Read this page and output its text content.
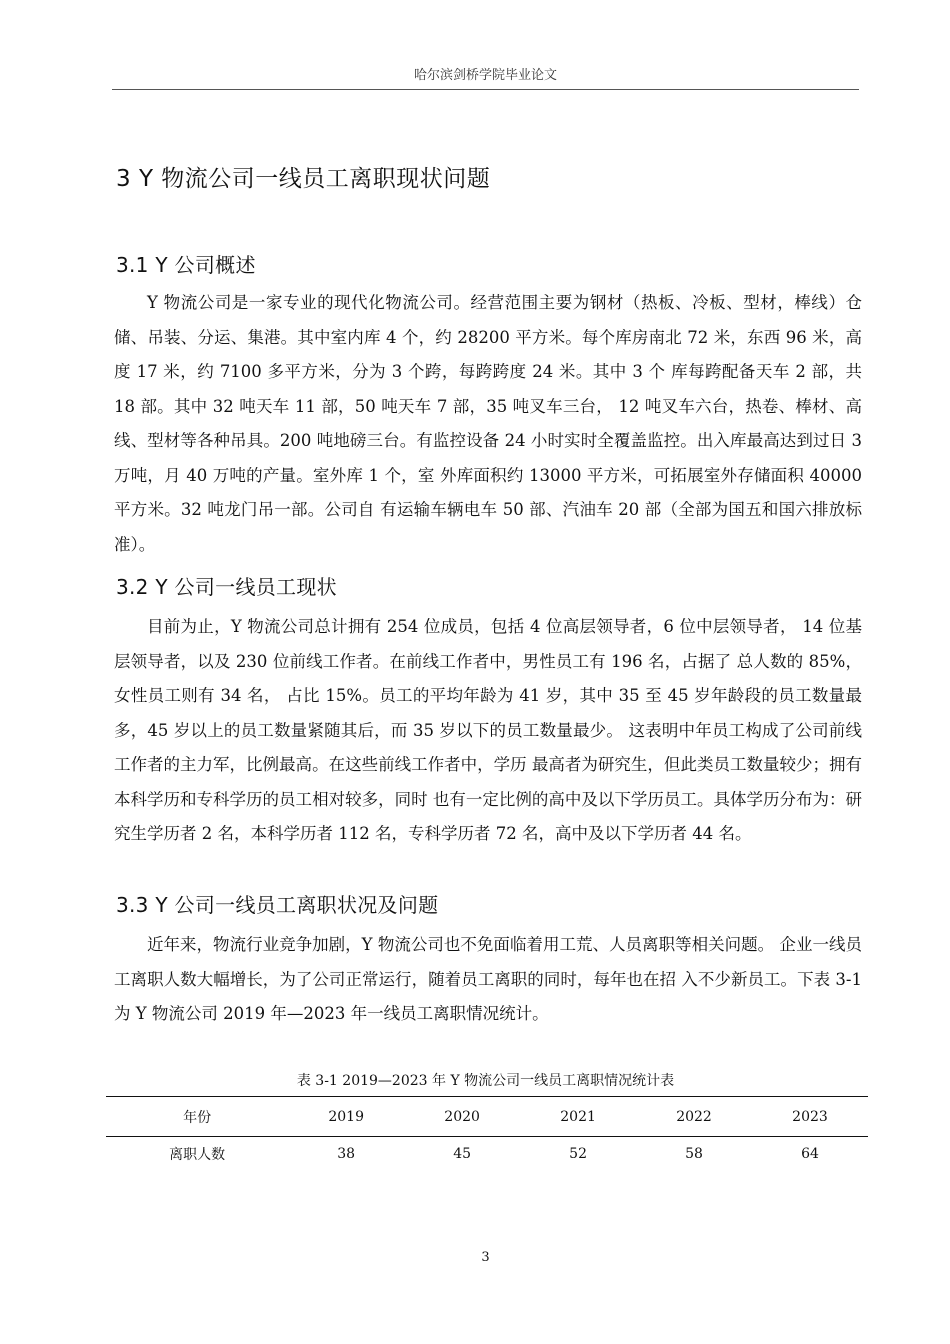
哈尔滨剑桥学院毕业论文
3 Y 物流公司一线员工离职现状问题
3.1 Y 公司概述

Y 物流公司是一家专业的现代化物流公司。经营范围主要为钢材（热板、冷板、型材，棒线）仓储、吊装、分运、集港。其中室内库 4 个，约 28200 平方米。每个库房南北 72 米，东西 96 米，高度 17 米，约 7100 多平方米，分为 3 个跨，每跨跨度 24 米。其中 3 个 库每跨配备天车 2 部，共 18 部。其中 32 吨天车 11 部，50 吨天车 7 部，35 吨叉车三台， 12 吨叉车六台，热卷、棒材、高线、型材等各种吊具。200 吨地磅三台。有监控设备 24 小时实时全覆盖监控。出入库最高达到过日 3 万吨，月 40 万吨的产量。室外库 1 个，室 外库面积约 13000 平方米，可拓展室外存储面积 40000 平方米。32 吨龙门吊一部。公司自 有运输车辆电车 50 部、汽油车 20 部（全部为国五和国六排放标准）。

3.2 Y 公司一线员工现状

目前为止，Y 物流公司总计拥有 254 位成员，包括 4 位高层领导者，6 位中层领导者， 14 位基层领导者，以及 230 位前线工作者。在前线工作者中，男性员工有 196 名，占据了 总人数的 85%，女性员工则有 34 名， 占比 15%。员工的平均年龄为 41 岁，其中 35 至 45 岁年龄段的员工数量最多，45 岁以上的员工数量紧随其后，而 35 岁以下的员工数量最少。 这表明中年员工构成了公司前线工作者的主力军，比例最高。在这些前线工作者中，学历 最高者为研究生，但此类员工数量较少；拥有本科学历和专科学历的员工相对较多，同时 也有一定比例的高中及以下学历员工。具体学历分布为：研究生学历者 2 名，本科学历者 112 名，专科学历者 72 名，高中及以下学历者 44 名。

3.3 Y 公司一线员工离职状况及问题

近年来，物流行业竞争加剧，Y 物流公司也不免面临着用工荒、人员离职等相关问题。 企业一线员工离职人数大幅增长，为了公司正常运行，随着员工离职的同时，每年也在招 入不少新员工。下表 3-1 为 Y 物流公司 2019 年—2023 年一线员工离职情况统计。

表 3-1 2019—2023 年 Y 物流公司一线员工离职情况统计表
年份	2019	2020	2021	2022	2023
离职人数	38	45	52	58	64
3
